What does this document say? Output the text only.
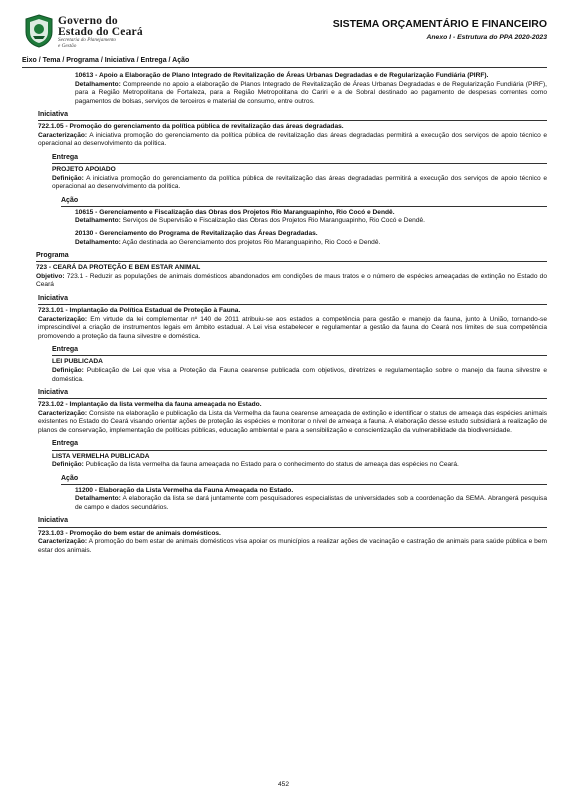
Governo do
Estado do Ceará
Secretaria do Planejamento
e Gestão
SISTEMA ORÇAMENTÁRIO E FINANCEIRO
Anexo I - Estrutura do PPA 2020-2023
Eixo / Tema / Programa / Iniciativa / Entrega / Ação
10613 - Apoio a Elaboração de Plano Integrado de Revitalização de Áreas Urbanas Degradadas e de Regularização Fundiária (PIRF).
Detalhamento: Compreende no apoio a elaboração de Planos Integrado de Revitalização de Áreas Urbanas Degradadas e de Regularização Fundiária (PIRF), para a Região Metropolitana de Fortaleza, para a Região Metropolitana do Cariri e a de Sobral destinado ao pagamento de despesas correntes como pagamentos de bolsas, serviços de terceiros e material de consumo, entre outros.
Iniciativa
722.1.05 - Promoção do gerenciamento da política pública de revitalização das áreas degradadas.
Caracterização: A iniciativa promoção do gerenciamento da política pública de revitalização das áreas degradadas permitirá a execução dos serviços de apoio técnico e operacional ao desenvolvimento da política.
Entrega
PROJETO APOIADO
Definição: A iniciativa promoção do gerenciamento da política pública de revitalização das áreas degradadas permitirá a execução dos serviços de apoio técnico e operacional ao desenvolvimento da política.
Ação
10615 - Gerenciamento e Fiscalização das Obras dos Projetos Rio Maranguapinho, Rio Cocó e Dendê.
Detalhamento: Serviços de Supervisão e Fiscalização das Obras dos Projetos Rio Maranguapinho, Rio Cocó e Dendê.
20130 - Gerenciamento do Programa de Revitalização das Áreas Degradadas.
Detalhamento: Ação destinada ao Gerenciamento dos projetos Rio Maranguapinho, Rio Cocó e Dendê.
Programa
723 - CEARÁ DA PROTEÇÃO E BEM ESTAR ANIMAL
Objetivo: 723.1 - Reduzir as populações de animais domésticos abandonados em condições de maus tratos e o número de espécies ameaçadas de extinção no Estado do Ceará
Iniciativa
723.1.01 - Implantação da Política Estadual de Proteção à Fauna.
Caracterização: Em virtude da lei complementar nº 140 de 2011 atribuiu-se aos estados a competência para gestão e manejo da fauna, junto à União, tornando-se imprescindível a criação de instrumentos legais em âmbito estadual. A Lei visa estabelecer e regulamentar a gestão da fauna do Ceará nos limites de sua competência promovendo a proteção da fauna silvestre e doméstica.
Entrega
LEI PUBLICADA
Definição: Publicação de Lei que visa a Proteção da Fauna cearense publicada com objetivos, diretrizes e regulamentação sobre o manejo da fauna silvestre e doméstica.
Iniciativa
723.1.02 - Implantação da lista vermelha da fauna ameaçada no Estado.
Caracterização: Consiste na elaboração e publicação da Lista da Vermelha da fauna cearense ameaçada de extinção e identificar o status de ameaça das espécies animais existentes no Estado do Ceará visando orientar ações de proteção às espécies e monitorar o nível de ameaça a fauna. A elaboração desse estudo subsidiará a realização de planos de conservação, implementação de políticas públicas, educação ambiental e para a sensibilização e conscientização da vulnerabilidade da biodiversidade.
Entrega
LISTA VERMELHA PUBLICADA
Definição: Publicação da lista vermelha da fauna ameaçada no Estado para o conhecimento do status de ameaça das espécies no Ceará.
Ação
11200 - Elaboração da Lista Vermelha da Fauna Ameaçada no Estado.
Detalhamento: A elaboração da lista se dará juntamente com pesquisadores especialistas de universidades sob a coordenação da SEMA. Abrangerá pesquisa de campo e dados secundários.
Iniciativa
723.1.03 - Promoção do bem estar de animais domésticos.
Caracterização: A promoção do bem estar de animais domésticos visa apoiar os municípios a realizar ações de vacinação e castração de animais para saúde pública e bem estar dos animais.
452
